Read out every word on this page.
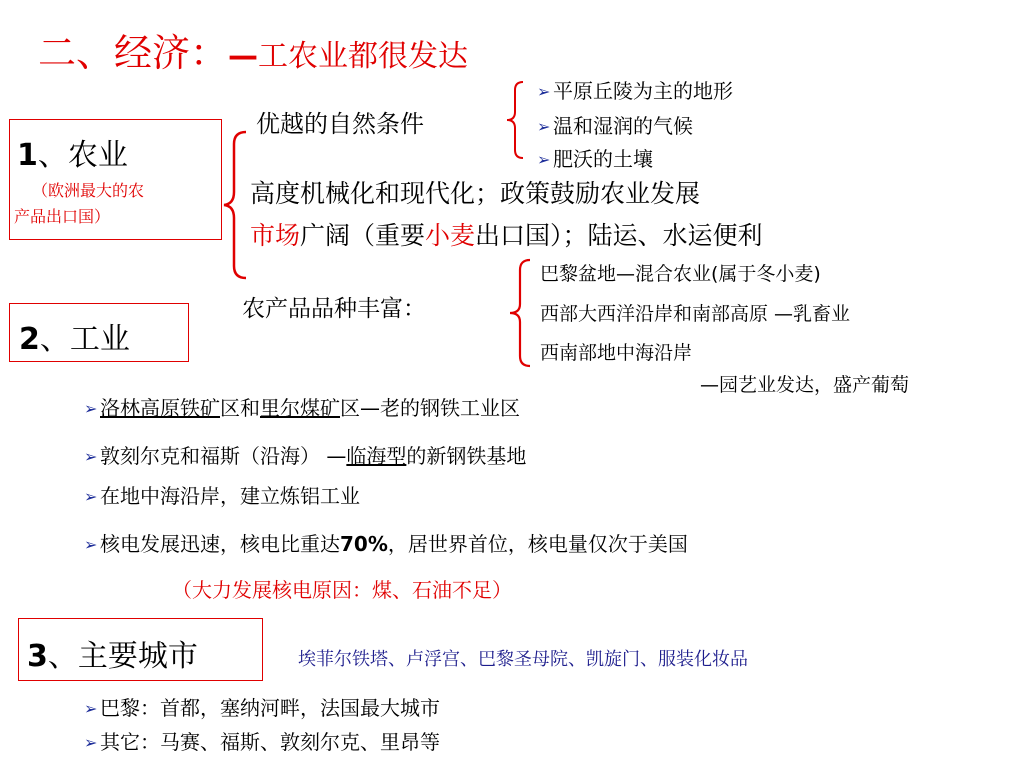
二、经济：—工农业都很发达
1、农业
（欧洲最大的农
产品出口国）
优越的自然条件
➢ 平原丘陵为主的地形
➢ 温和湿润的气候
➢ 肥沃的土壤
高度机械化和现代化；政策鼓励农业发展
市场广阔（重要小麦出口国）；陆运、水运便利
农产品品种丰富：
巴黎盆地—混合农业(属于冬小麦)
西部大西洋沿岸和南部高原 —乳畜业
西南部地中海沿岸
—园艺业发达，盛产葡萄
2、工业
➢ 洛林高原铁矿区和里尔煤矿区—老的钢铁工业区
➢ 敦刻尔克和福斯（沿海） —临海型的新钢铁基地
➢ 在地中海沿岸，建立炼铝工业
➢ 核电发展迅速，核电比重达70%，居世界首位，核电量仅次于美国
（大力发展核电原因：煤、石油不足）
3、主要城市	埃菲尔铁塔、卢浮宫、巴黎圣母院、凯旋门、服装化妆品
➢ 巴黎：首都，塞纳河畔，法国最大城市
➢ 其它：马赛、福斯、敦刻尔克、里昂等
